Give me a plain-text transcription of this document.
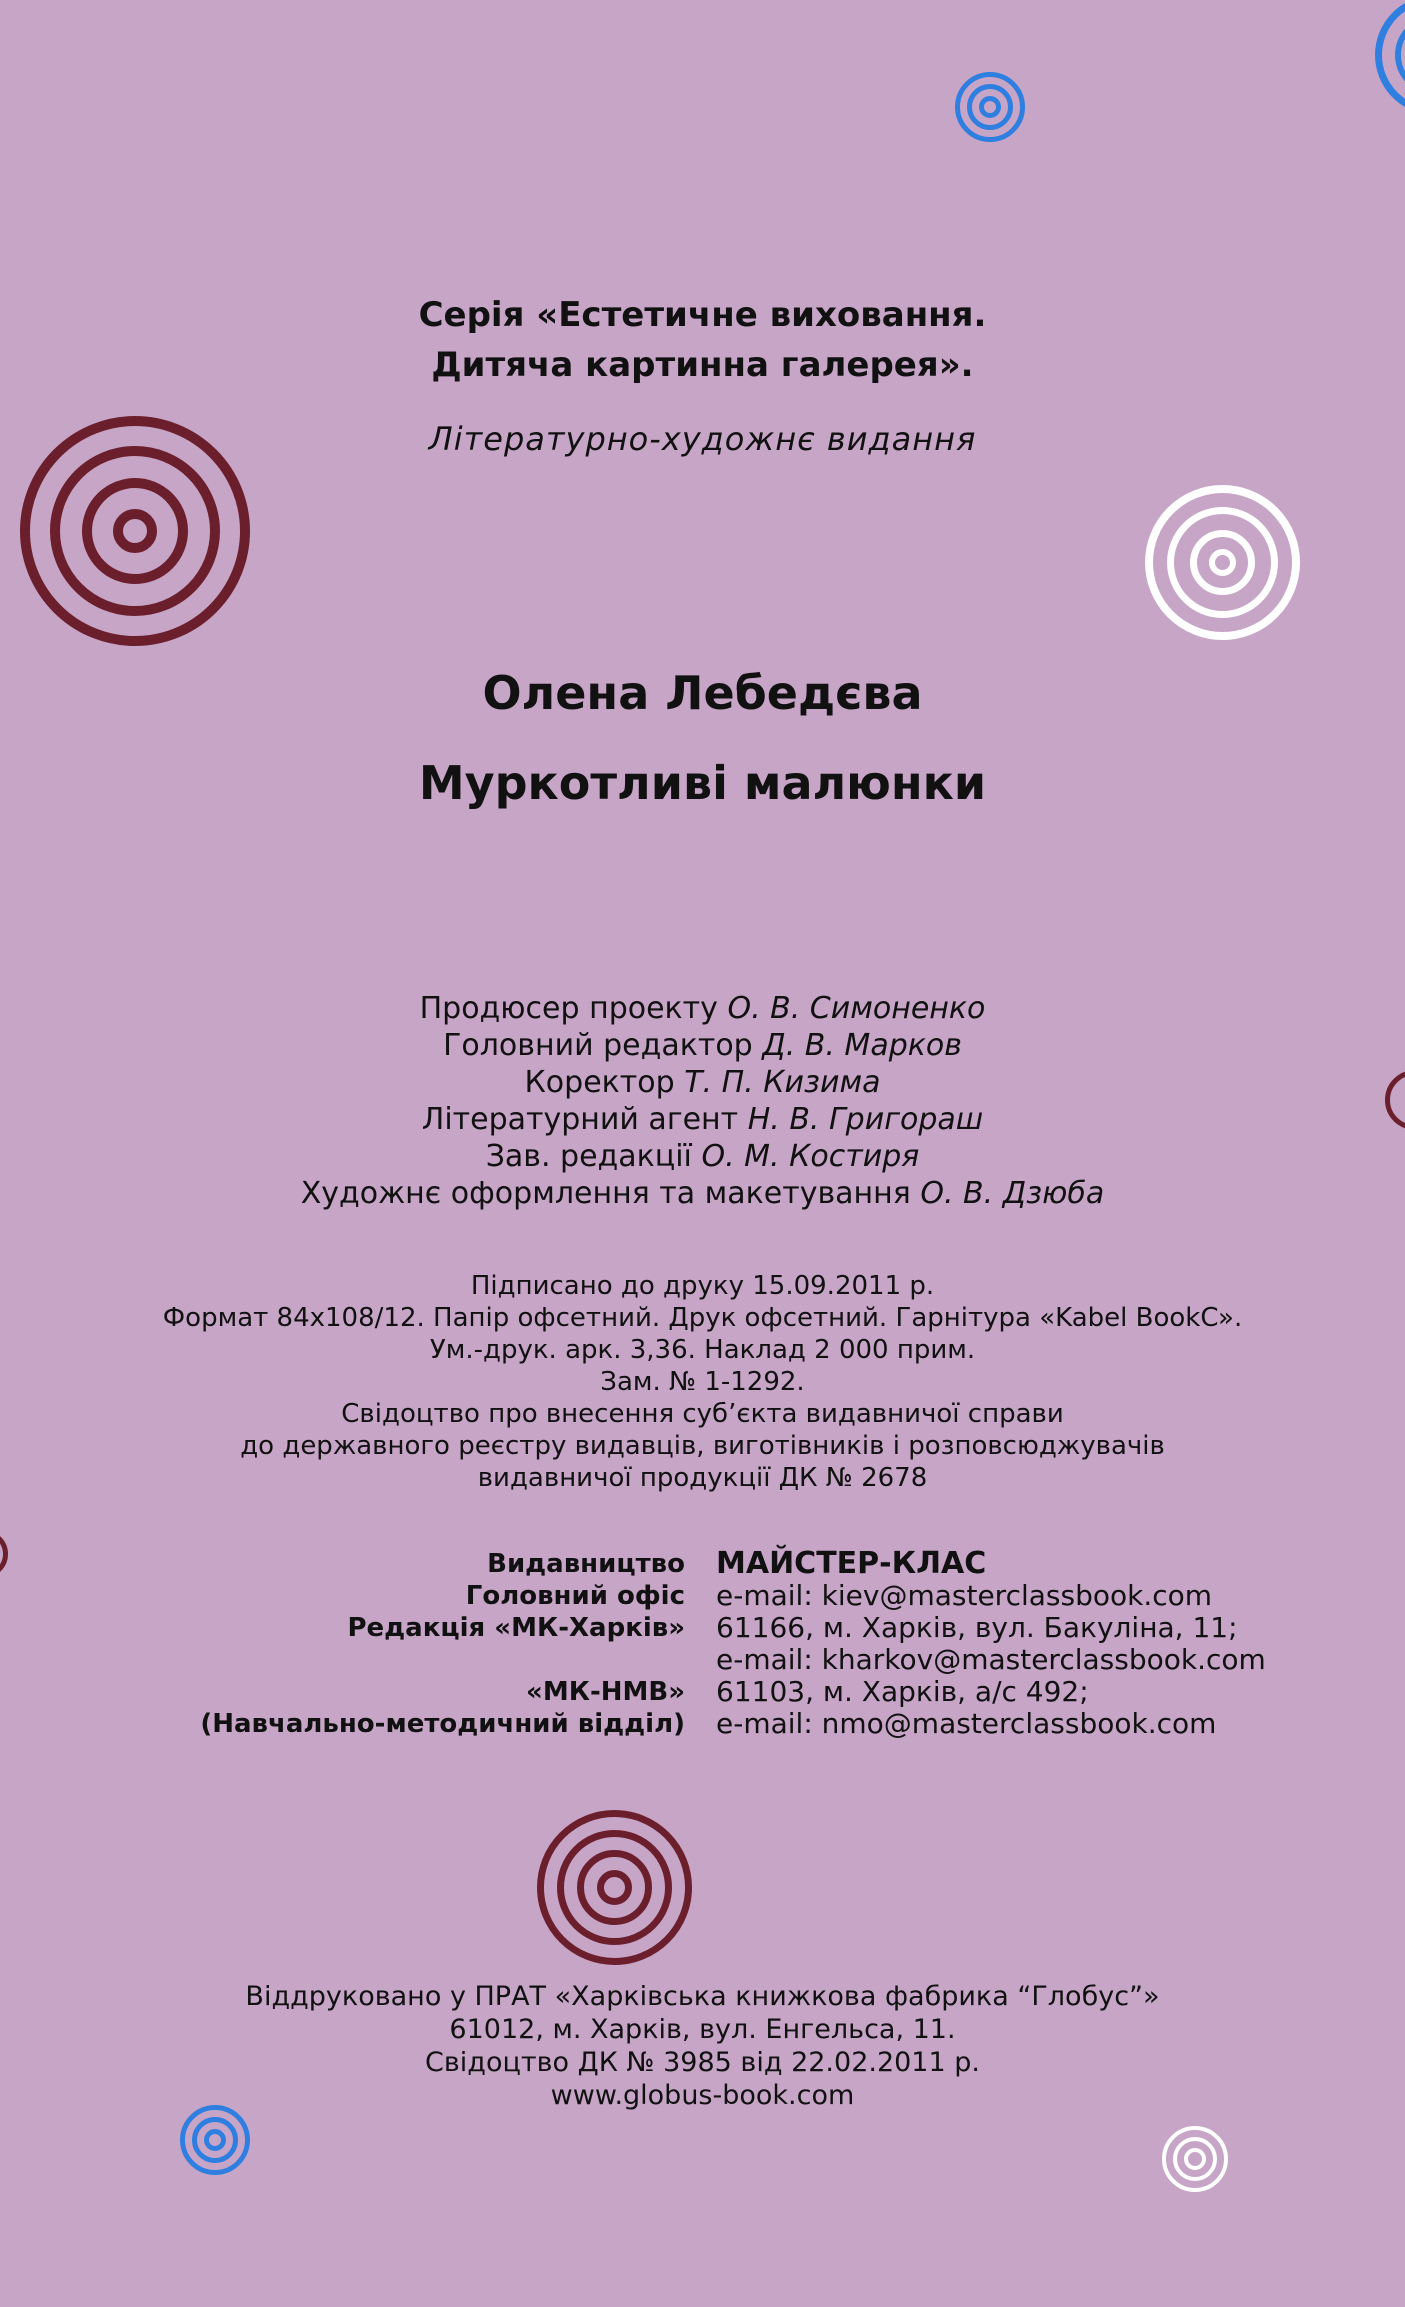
Серія «Естетичне виховання.
Дитяча картинна галерея».
Літературно-художнє видання
Олена Лебедєва
Муркотливі малюнки
Продюсер проекту О. В. Симоненко
Головний редактор Д. В. Марков
Коректор Т. П. Кизима
Літературний агент Н. В. Григораш
Зав. редакції О. М. Костиря
Художнє оформлення та макетування О. В. Дзюба
Підписано до друку 15.09.2011 р.
Формат 84x108/12. Папір офсетний. Друк офсетний. Гарнітура «Kabel BookC».
Ум.-друк. арк. 3,36. Наклад 2 000 прим.
Зам. № 1-1292.
Свідоцтво про внесення суб’єкта видавничої справи
до державного реєстру видавців, виготівників і розповсюджувачів
видавничої продукції ДК № 2678
Видавництво
Головний офіс
Редакція «МК-Харків»
«МК-НМВ»
(Навчально-методичний відділ)
МАЙСТЕР-КЛАС
e-mail: kiev@masterclassbook.com
61166, м. Харків, вул. Бакуліна, 11;
e-mail: kharkov@masterclassbook.com
61103, м. Харків, а/с 492;
e-mail: nmo@masterclassbook.com
Віддруковано у ПРАТ «Харківська книжкова фабрика “Глобус”»
61012, м. Харків, вул. Енгельса, 11.
Свідоцтво ДК № 3985 від 22.02.2011 р.
www.globus-book.com
